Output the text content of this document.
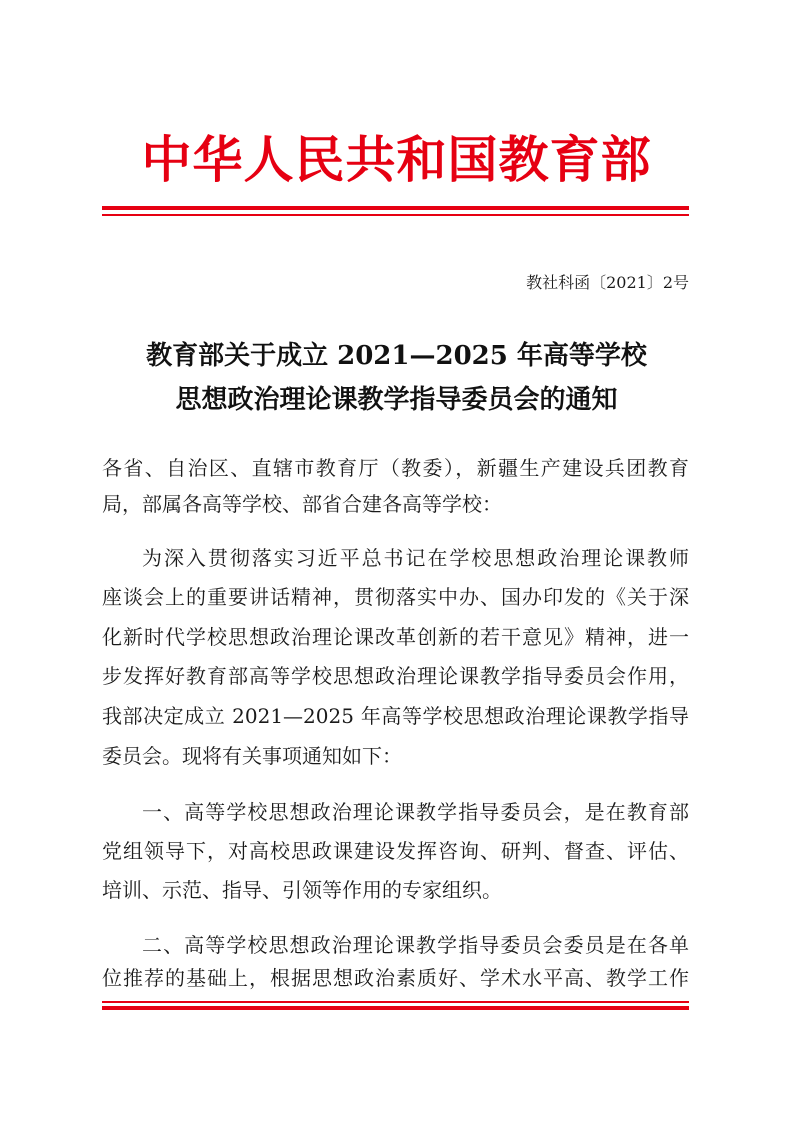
中华人民共和国教育部
教社科函〔2021〕2号
教育部关于成立 2021—2025 年高等学校
思想政治理论课教学指导委员会的通知
各省、自治区、直辖市教育厅（教委），新疆生产建设兵团教育
局，部属各高等学校、部省合建各高等学校：
为深入贯彻落实习近平总书记在学校思想政治理论课教师
座谈会上的重要讲话精神，贯彻落实中办、国办印发的《关于深
化新时代学校思想政治理论课改革创新的若干意见》精神，进一
步发挥好教育部高等学校思想政治理论课教学指导委员会作用，
我部决定成立 2021—2025 年高等学校思想政治理论课教学指导
委员会。现将有关事项通知如下：
一、高等学校思想政治理论课教学指导委员会，是在教育部
党组领导下，对高校思政课建设发挥咨询、研判、督查、评估、
培训、示范、指导、引领等作用的专家组织。
二、高等学校思想政治理论课教学指导委员会委员是在各单
位推荐的基础上，根据思想政治素质好、学术水平高、教学工作
